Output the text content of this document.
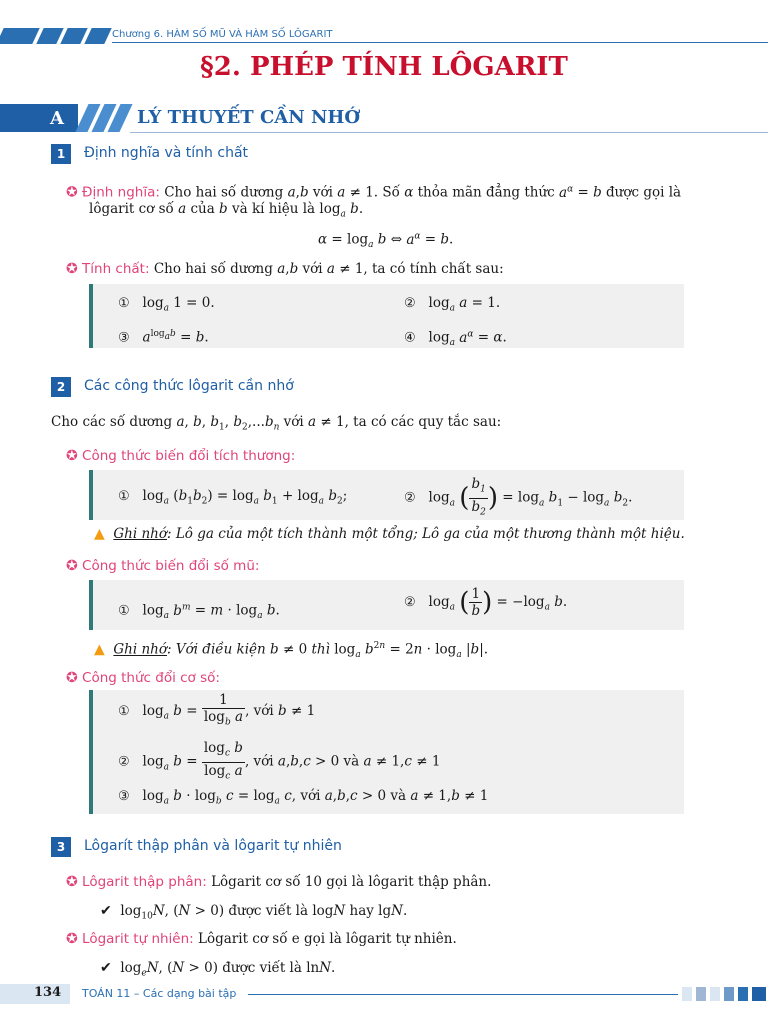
Chương 6. HÀM SỐ MŨ VÀ HÀM SỐ LÔGARIT
§2. PHÉP TÍNH LÔGARIT
A	LÝ THUYẾT CẦN NHỚ
1	Định nghĩa và tính chất
✪ Định nghĩa: Cho hai số dương a,b với a ≠ 1. Số α thỏa mãn đẳng thức $a^\alpha = b$ được gọi là
lôgarit cơ số a của b và kí hiệu là $\log_a b$.
$\alpha = \log_a b$ ⇔ $a^\alpha = b$.
✪ Tính chất: Cho hai số dương a,b với a ≠ 1, ta có tính chất sau:
①   $\log_a 1 = 0$.	②   $\log_a a = 1$.
③ $a^{log_ab} = b$.	④   $\log_a a^\alpha = \alpha$.
2	Các công thức lôgarit cần nhớ
Cho các số dương a, b, $b_1$, $b_2,...b_n$ với a ≠ 1, ta có các quy tắc sau:
✪ Công thức biến đổi tích thương:
①   $\log_a (b_1b_2) = \log_a b_1 + \log_a b_2$;	②   $\log_a$ ( $\frac{b_1}{b_2}$ ) = $\log_a b_1 - \log_a b_2$.
▲ Ghi nhớ: Lô ga của một tích thành một tổng; Lô ga của một thương thành một hiệu.
✪ Công thức biến đổi số mũ:
①   $\log_a b^m = m \cdot \log_a b$.	②   $\log_a$ ( $\frac{1}{b}$ ) = $-\log_a$ b.
▲ Ghi nhớ: Với điều kiện b ≠ 0 thì $\log_a b^{2n} = 2n \cdot \log_a |b|$.
✪ Công thức đổi cơ số:
①   $\log_a b = \frac{1}{\log_b a}$ , với b ≠ 1
②   $\log_a b = \frac{\log_c b}{\log_c a}$ , với a,b,c > 0 và a ≠ 1,c ≠ 1
③   $\log_a b \cdot \log_b c = \log_a c$, với a,b,c > 0 và a ≠ 1,b ≠ 1
3	Lôgarít thập phân và lôgarit tự nhiên
✪ Lôgarit thập phân: Lôgarit cơ số 10 gọi là lôgarit thập phân.
✔  $\log_{10}N$, (N > 0) được viết là logN hay lgN.
✪ Lôgarit tự nhiên: Lôgarit cơ số e gọi là lôgarit tự nhiên.
✔  $\log_eN$, (N > 0) được viết là lnN.
134 TOÁN 11 – Các dạng bài tập
